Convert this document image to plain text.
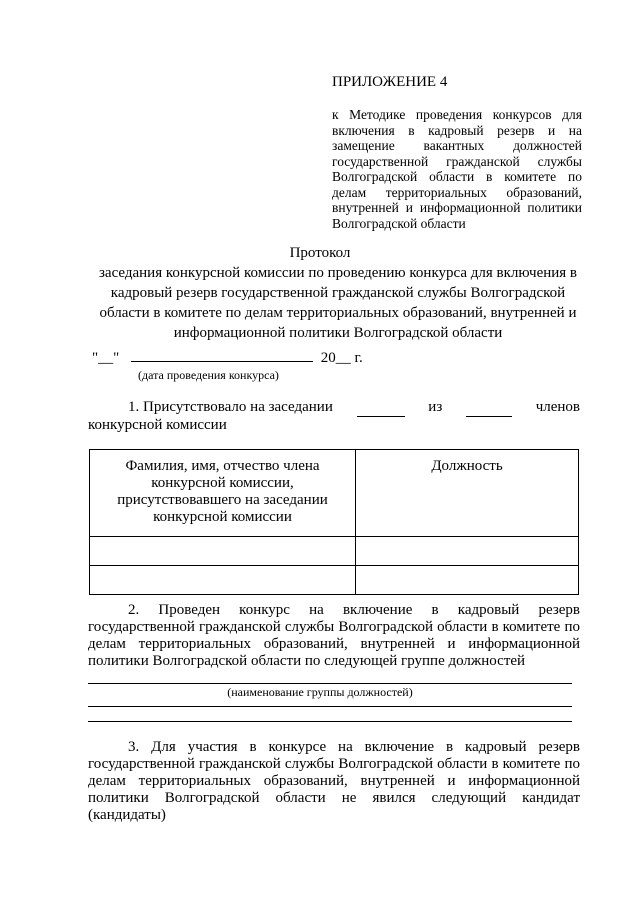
ПРИЛОЖЕНИЕ 4
к Методике проведения конкурсов для включения в кадровый резерв и на замещение вакантных должностей государственной гражданской службы Волгоградской области в комитете по делам территориальных образований, внутренней и информационной политики Волгоградской области
Протокол
заседания конкурсной комиссии по проведению конкурса для включения в кадровый резерв государственной гражданской службы Волгоградской области в комитете по делам территориальных образований, внутренней и информационной политики Волгоградской области
"__"	20__ г.
(дата проведения конкурса)
1. Присутствовало на заседании
	из
	членов
конкурсной комиссии
Фамилия, имя, отчество члена конкурсной комиссии, присутствовавшего на заседании конкурсной комиссии	Должность

2. Проведен конкурс на включение в кадровый резерв
государственной гражданской службы Волгоградской области в комитете по делам территориальных образований, внутренней и информационной политики Волгоградской области по следующей группе должностей
(наименование группы должностей)
3. Для участия в конкурсе на включение в кадровый резерв
государственной гражданской службы Волгоградской области в комитете по делам территориальных образований, внутренней и информационной политики Волгоградской области не явился следующий кандидат (кандидаты)
